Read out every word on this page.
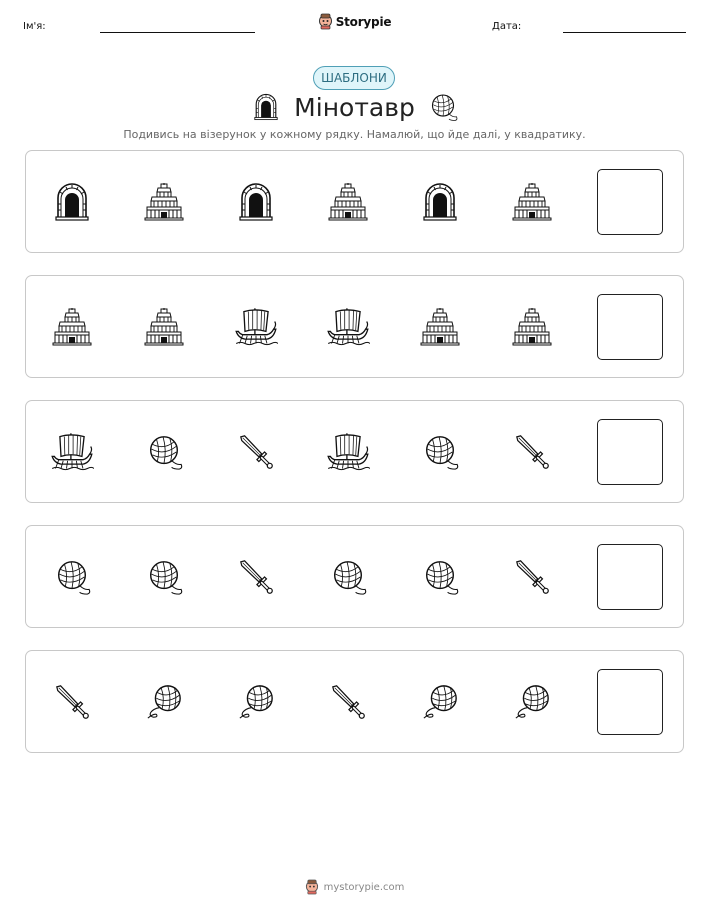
Ім'я:	Storypie	Дата:
ШАБЛОНИ
Мінотавр
Подивись на візерунок у кожному рядку. Намалюй, що йде далі, у квадратику.
mystorypie.com
